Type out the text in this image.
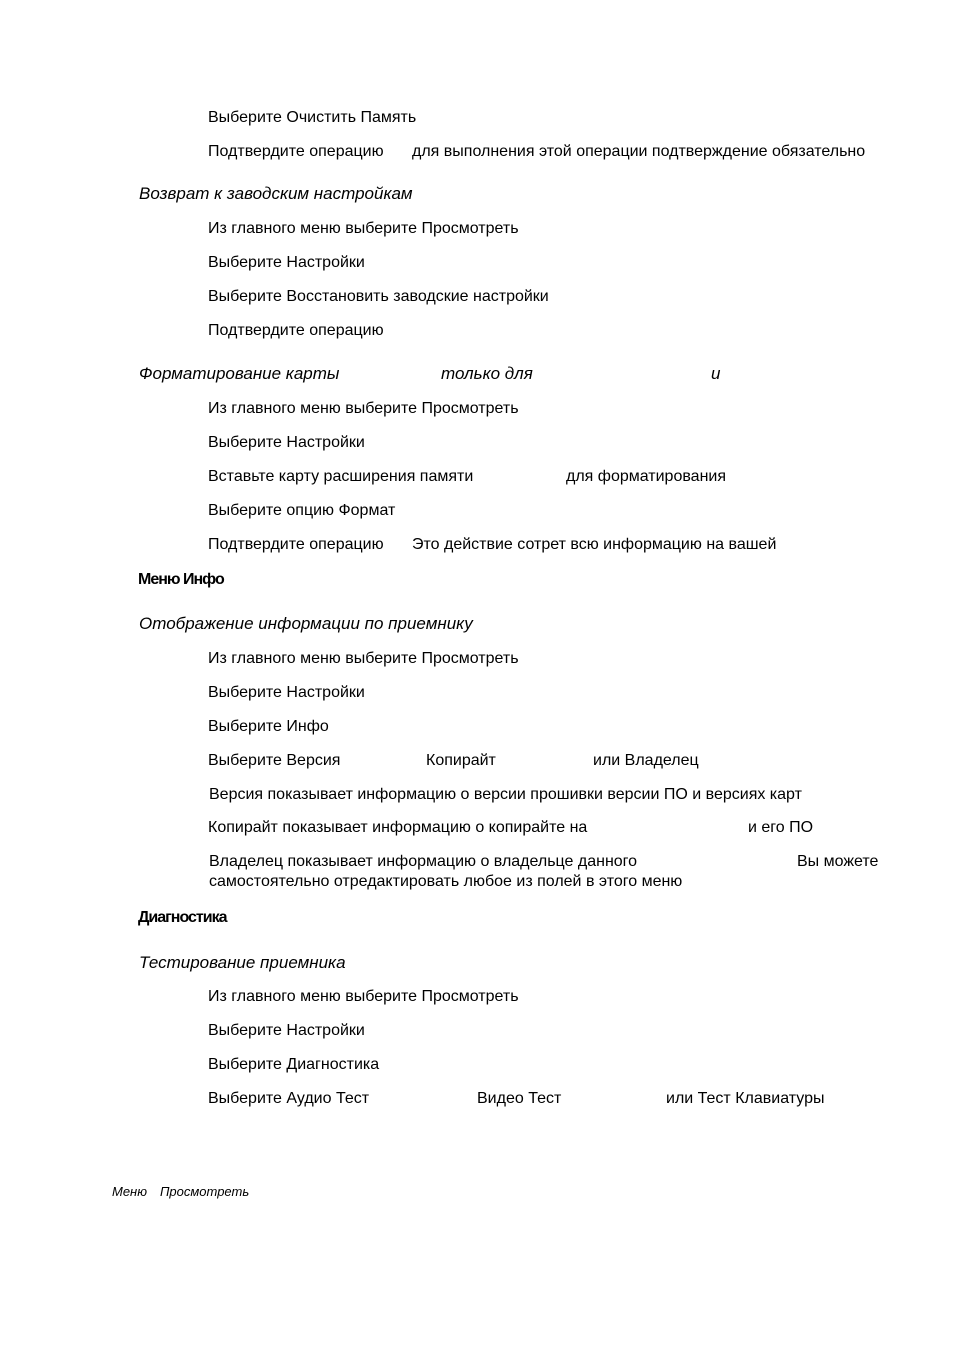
Выберите Очистить Память
Подтвердите операцию для выполнения этой операции подтверждение обязательно
Возврат к заводским настройкам
Из главного меню выберите Просмотреть
Выберите Настройки
Выберите Восстановить заводские настройки
Подтвердите операцию
Форматирование карты	только для	и
Из главного меню выберите Просмотреть
Выберите Настройки
Вставьте карту расширения памяти	для форматирования
Выберите опцию Формат
Подтвердите операцию Это действие сотрет всю информацию на вашей
Меню Инфо
Отображение информации по приемнику
Из главного меню выберите Просмотреть
Выберите Настройки
Выберите Инфо
Выберите Версия	Копирайт	или Владелец
Версия показывает информацию о версии прошивки версии ПО и версиях карт
Копирайт показывает информацию о копирайте на	и его ПО
Владелец показывает информацию о владельце данного	Вы можете
самостоятельно отредактировать любое из полей в этого меню
Диагностика
Тестирование приемника
Из главного меню выберите Просмотреть
Выберите Настройки
Выберите Диагностика
Выберите Аудио Тест	Видео Тест	или Тест Клавиатуры
Меню Просмотреть
